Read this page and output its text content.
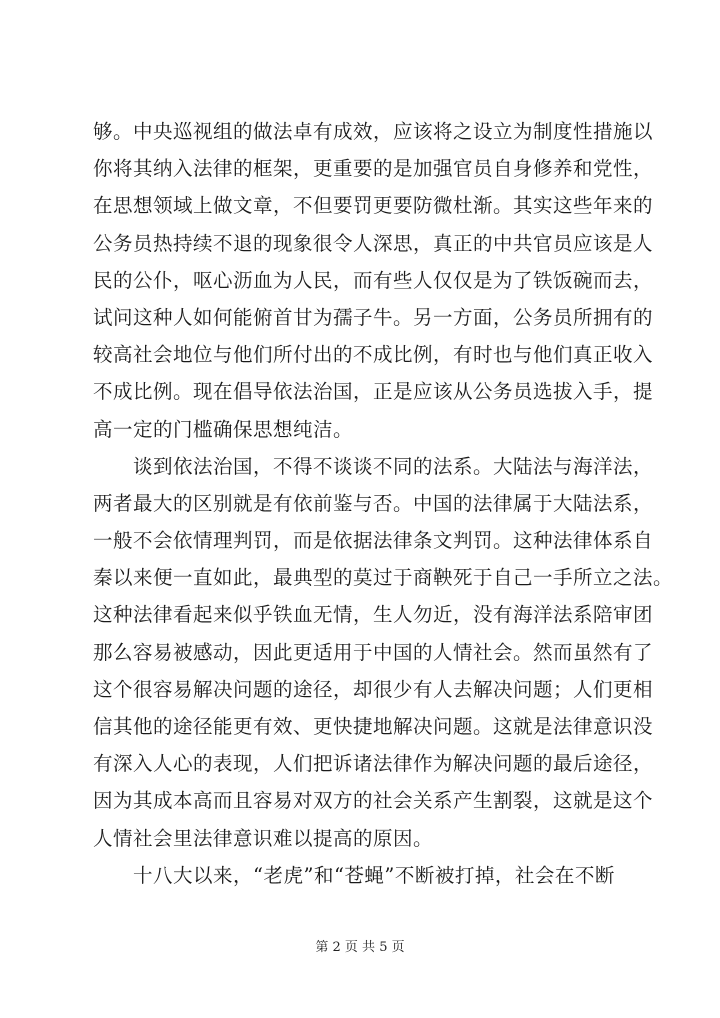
够。中央巡视组的做法卓有成效，应该将之设立为制度性措施以
你将其纳入法律的框架，更重要的是加强官员自身修养和党性，
在思想领域上做文章，不但要罚更要防微杜渐。其实这些年来的
公务员热持续不退的现象很令人深思，真正的中共官员应该是人
民的公仆，呕心沥血为人民，而有些人仅仅是为了铁饭碗而去，
试问这种人如何能俯首甘为孺子牛。另一方面，公务员所拥有的
较高社会地位与他们所付出的不成比例，有时也与他们真正收入
不成比例。现在倡导依法治国，正是应该从公务员选拔入手，提
高一定的门槛确保思想纯洁。
谈到依法治国，不得不谈谈不同的法系。大陆法与海洋法，
两者最大的区别就是有依前鉴与否。中国的法律属于大陆法系，
一般不会依情理判罚，而是依据法律条文判罚。这种法律体系自
秦以来便一直如此，最典型的莫过于商鞅死于自己一手所立之法。
这种法律看起来似乎铁血无情，生人勿近，没有海洋法系陪审团
那么容易被感动，因此更适用于中国的人情社会。然而虽然有了
这个很容易解决问题的途径，却很少有人去解决问题；人们更相
信其他的途径能更有效、更快捷地解决问题。这就是法律意识没
有深入人心的表现，人们把诉诸法律作为解决问题的最后途径，
因为其成本高而且容易对双方的社会关系产生割裂，这就是这个
人情社会里法律意识难以提高的原因。
十八大以来，“老虎”和“苍蝇”不断被打掉，社会在不断
第 2 页 共 5 页
